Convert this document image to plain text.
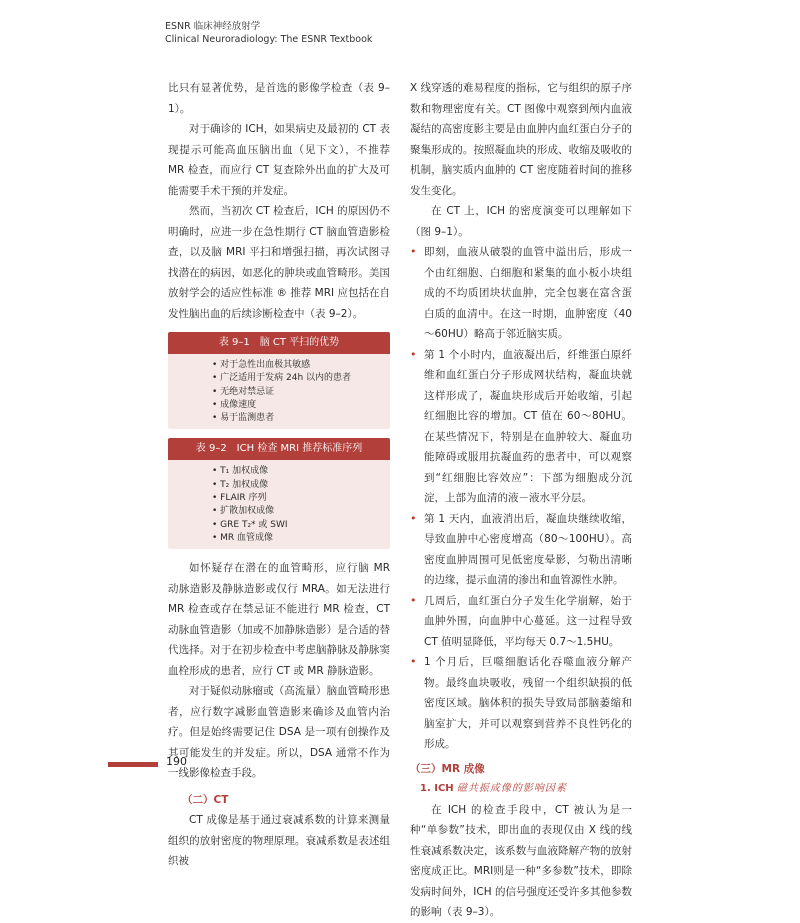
ESNR 临床神经放射学
Clinical Neuroradiology: The ESNR Textbook

比只有显著优势，是首选的影像学检查（表 9–1）。

对于确诊的 ICH，如果病史及最初的 CT 表现提示可能高血压脑出血（见下文），不推荐 MR 检查，而应行 CT 复查除外出血的扩大及可能需要手术干预的并发症。

然而，当初次 CT 检查后，ICH 的原因仍不明确时，应进一步在急性期行 CT 脑血管造影检查，以及脑 MRI 平扫和增强扫描，再次试图寻找潜在的病因，如恶化的肿块或血管畸形。美国放射学会的适应性标准 ® 推荐 MRI 应包括在自发性脑出血的后续诊断检查中（表 9–2）。

表 9–1　脑 CT 平扫的优势
• 对于急性出血极其敏感
• 广泛适用于发病 24h 以内的患者
• 无绝对禁忌证
• 成像速度
• 易于监测患者
表 9–2　ICH 检查 MRI 推荐标准序列
• T₁ 加权成像
• T₂ 加权成像
• FLAIR 序列
• 扩散加权成像
• GRE T₂* 或 SWI
• MR 血管成像

如怀疑存在潜在的血管畸形，应行脑 MR 动脉造影及静脉造影或仅行 MRA。如无法进行 MR 检查或存在禁忌证不能进行 MR 检查，CT 动脉血管造影（加或不加静脉造影）是合适的替代选择。对于在初步检查中考虑脑静脉及静脉窦血栓形成的患者，应行 CT 或 MR 静脉造影。

对于疑似动脉瘤或（高流量）脑血管畸形患者，应行数字减影血管造影来确诊及血管内治疗。但是始终需要记住 DSA 是一项有创操作及其可能发生的并发症。所以，DSA 通常不作为一线影像检查手段。

（二）CT

CT 成像是基于通过衰减系数的计算来测量组织的放射密度的物理原理。衰减系数是表述组织被

X 线穿透的难易程度的指标，它与组织的原子序数和物理密度有关。CT 图像中观察到颅内血液凝结的高密度影主要是由血肿内血红蛋白分子的聚集形成的。按照凝血块的形成、收缩及吸收的机制，脑实质内血肿的 CT 密度随着时间的推移发生变化。

在 CT 上，ICH 的密度演变可以理解如下（图 9–1）。

• 即刻，血液从破裂的血管中溢出后，形成一个由红细胞、白细胞和紧集的血小板小块组成的不均质团块状血肿，完全包裹在富含蛋白质的血清中。在这一时期，血肿密度（40～60HU）略高于邻近脑实质。
• 第 1 个小时内，血液凝出后，纤维蛋白原纤维和血红蛋白分子形成网状结构，凝血块就这样形成了，凝血块形成后开始收缩，引起红细胞比容的增加。CT 值在 60～80HU。在某些情况下，特别是在血肿较大、凝血功能障碍或服用抗凝血药的患者中，可以观察到“红细胞比容效应”：下部为细胞成分沉淀，上部为血清的液－液水平分层。
• 第 1 天内，血液消出后，凝血块继续收缩，导致血肿中心密度增高（80～100HU）。高密度血肿周围可见低密度晕影，匀勒出清晰的边缘，提示血清的渗出和血管源性水肿。
• 几周后，血红蛋白分子发生化学崩解，始于血肿外围，向血肿中心蔓延。这一过程导致 CT 值明显降低，平均每天 0.7～1.5HU。
• 1 个月后，巨噬细胞话化吞噬血液分解产物。最终血块吸收，残留一个组织缺损的低密度区域。脑体积的损失导致局部脑萎缩和脑室扩大，并可以观察到营养不良性钙化的形成。
（三）MR 成像
1. ICH 磁共振成像的影响因素

在 ICH 的检查手段中，CT 被认为是一种“单参数”技术，即出血的表现仅由 X 线的线性衰减系数决定，该系数与血液降解产物的放射密度成正比。MRI则是一种“多参数”技术，即除发病时间外，ICH 的信号强度还受许多其他参数的影响（表 9–3）。

190
